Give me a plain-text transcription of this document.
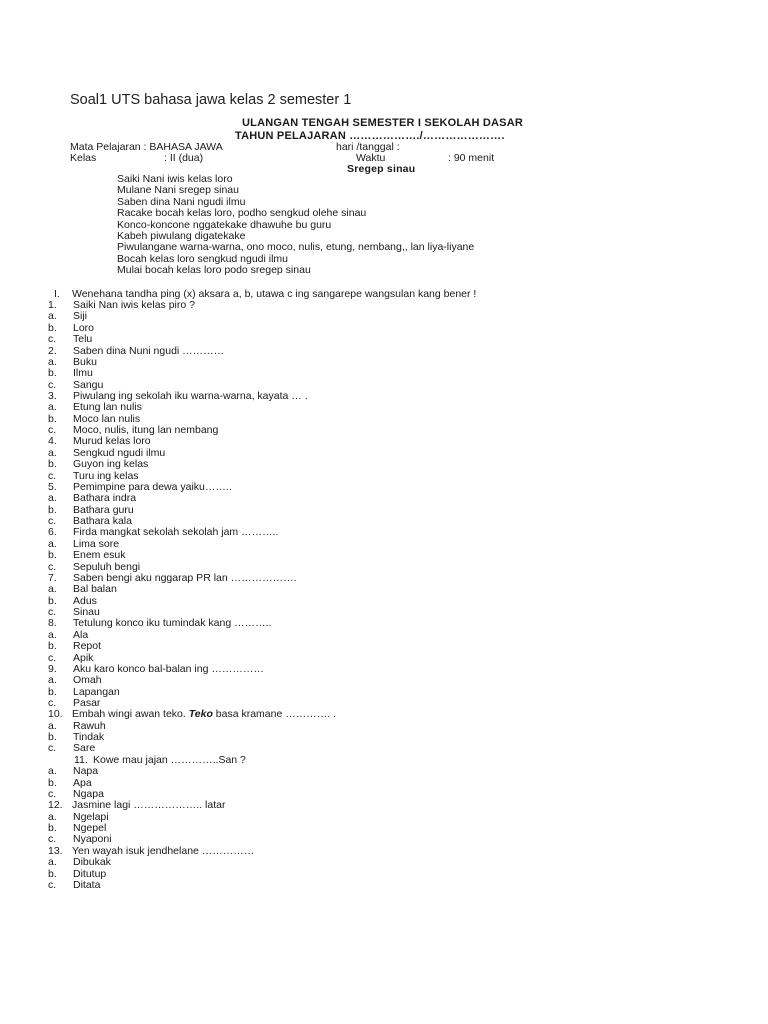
Soal1 UTS bahasa jawa kelas 2 semester 1
ULANGAN TENGAH SEMESTER I SEKOLAH DASAR
TAHUN PELAJARAN ………………./………………….
Mata Pelajaran : BAHASA JAWA	hari /tanggal :
Kelas	: II (dua)	Waktu	: 90 menit
Sregep sinau
Saiki Nani iwis kelas loro
Mulane Nani sregep sinau
Saben dina Nani ngudi ilmu
Racake bocah kelas loro, podho sengkud olehe sinau
Konco-koncone nggatekake dhawuhe bu guru
Kabeh piwulang digatekake
Piwulangane warna-warna, ono moco, nulis, etung, nembang,, lan liya-liyane
Bocah kelas loro sengkud ngudi ilmu
Mulai bocah kelas loro podo sregep sinau
I. Wenehana tandha ping (x) aksara a, b, utawa c ing sangarepe wangsulan kang bener !
1. Saiki Nan iwis kelas piro ?
a. Siji
b. Loro
c. Telu
2. Saben dina Nuni ngudi …………
a. Buku
b. Ilmu
c. Sangu
3. Piwulang ing sekolah iku warna-warna, kayata … .
a. Etung lan nulis
b. Moco lan nulis
c. Moco, nulis, itung lan nembang
4. Murud kelas loro
a. Sengkud ngudi ilmu
b. Guyon ing kelas
c. Turu ing kelas
5. Pemimpine para dewa yaiku……..
a. Bathara indra
b. Bathara guru
c. Bathara kala
6. Firda mangkat sekolah sekolah jam ………..
a. Lima sore
b. Enem esuk
c. Sepuluh bengi
7. Saben bengi aku nggarap PR lan ……………….
a. Bal balan
b. Adus
c. Sinau
8. Tetulung konco iku tumindak kang ………..
a. Ala
b. Repot
c. Apik
9. Aku karo konco bal-balan ing ……………
a. Omah
b. Lapangan
c. Pasar
10. Embah wingi awan teko. Teko basa kramane …………. .
a. Rawuh
b. Tindak
c. Sare
11. Kowe mau jajan …………..San ?
a. Napa
b. Apa
c. Ngapa
12. Jasmine lagi ……………….. latar
a. Ngelapi
b. Ngepel
c. Nyaponi
13. Yen wayah isuk jendhelane ……………
a. Dibukak
b. Ditutup
c. Ditata
